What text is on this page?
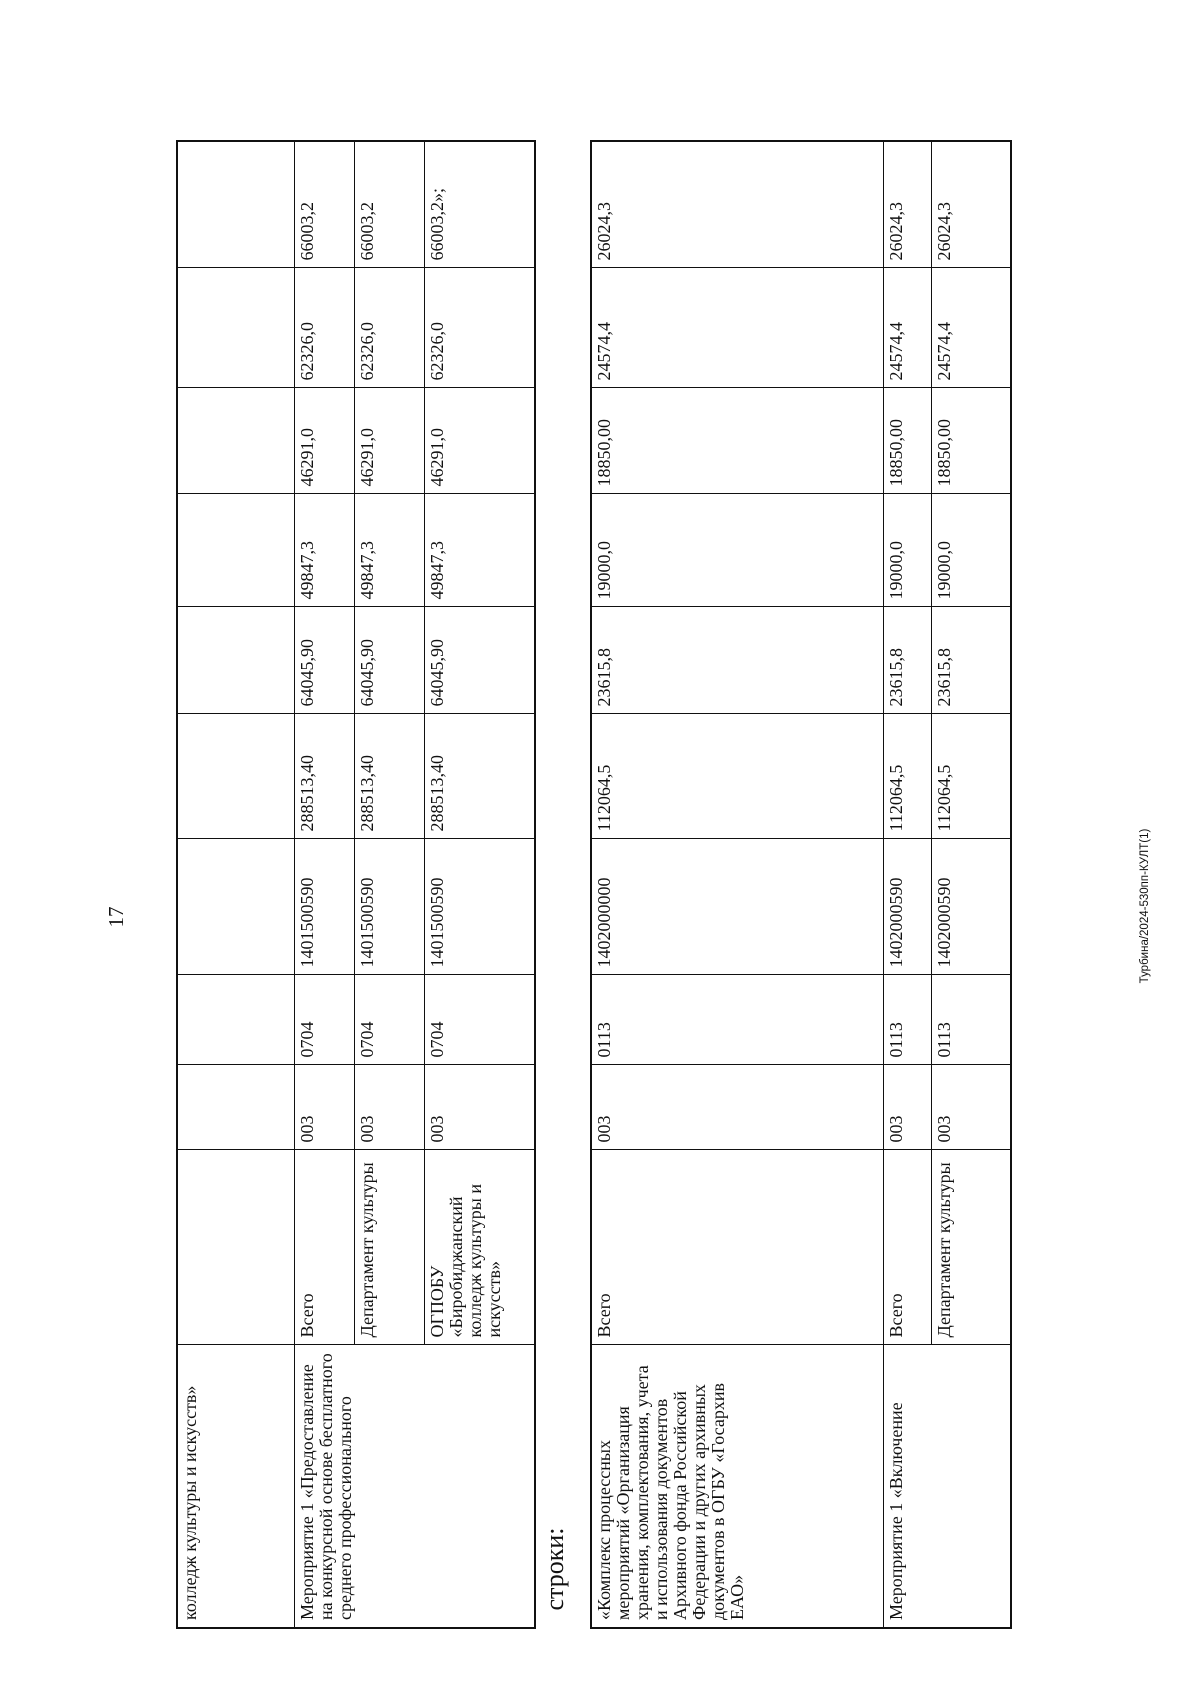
17	Турбина/2024-530пп-КУЛТ(1)
строки:
колледж культуры и искусств»										
Мероприятие 1 «Предоставление на конкурсной основе бесплатного среднего профессионального	Всего	003	0704	1401500590	288513,40	64045,90	49847,3	46291,0	62326,0	66003,2
	Департамент культуры	003	0704	1401500590	288513,40	64045,90	49847,3	46291,0	62326,0	66003,2
	ОГПОБУ «Биробиджанский колледж культуры и искусств»	003	0704	1401500590	288513,40	64045,90	49847,3	46291,0	62326,0	66003,2»;
«Комплекс процессных мероприятий «Организация хранения, комплектования, учета и использования документов Архивного фонда Российской Федерации и других архивных документов в ОГБУ «Госархив ЕАО»	Всего	003	0113	1402000000	112064,5	23615,8	19000,0	18850,00	24574,4	26024,3
Мероприятие 1 «Включение	Всего	003	0113	1402000590	112064,5	23615,8	19000,0	18850,00	24574,4	26024,3
	Департамент культуры	003	0113	1402000590	112064,5	23615,8	19000,0	18850,00	24574,4	26024,3
